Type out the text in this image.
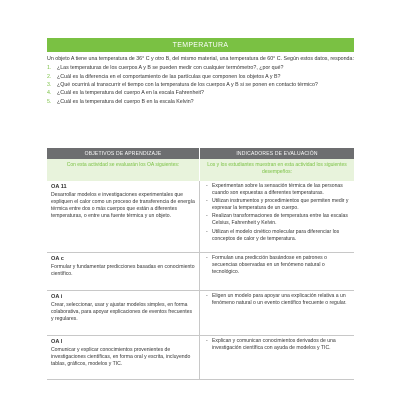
TEMPERATURA

Un objeto A tiene una temperatura de 36° C y otro B, del mismo material, una temperatura de 60° C. Según estos datos, responda:

1.	¿Las temperaturas de los cuerpos A y B se pueden medir con cualquier termómetro?, ¿por qué?
2.	¿Cuál es la diferencia en el comportamiento de las partículas que componen los objetos A y B?
3.	¿Qué ocurrirá al transcurrir el tiempo con la temperatura de los cuerpos A y B si se ponen en contacto térmico?
4.	¿Cuál es la temperatura del cuerpo A en la escala Fahrenheit?
5.	¿Cuál es la temperatura del cuerpo B en la escala Kelvin?
OBJETIVOS DE APRENDIZAJE	INDICADORES DE EVALUACIÓN
Con esta actividad se evaluarán los OA siguientes:	Los y los estudiantes muestran en esta actividad los siguientes desempeños:
OA 11
Desarrollar modelos e investigaciones experimentales que expliquen el calor como un proceso de transferencia de energía térmica entre dos o más cuerpos que están a diferentes temperaturas, o entre una fuente térmica y un objeto.
- Experimentan sobre la sensación térmica de las personas cuando son expuestas a diferentes temperaturas.
- Utilizan instrumentos y procedimientos que permiten medir y expresar la temperatura de un cuerpo.
- Realizan transformaciones de temperatura entre las escalas Celsius, Fahrenheit y Kelvin.
- Utilizan el modelo cinético molecular para diferenciar los conceptos de calor y de temperatura.
OA c
Formular y fundamentar predicciones basadas en conocimiento científico.
- Formulan una predicción basándose en patrones o secuencias observadas en un fenómeno natural o tecnológico.
OA i
Crear, seleccionar, usar y ajustar modelos simples, en forma colaborativa, para apoyar explicaciones de eventos frecuentes y regulares.
- Eligen un modelo para apoyar una explicación relativa a un fenómeno natural o un evento científico frecuente o regular.
OA l
Comunicar y explicar conocimientos provenientes de investigaciones científicas, en forma oral y escrita, incluyendo tablas, gráficos, modelos y TIC.
- Explican y comunican conocimientos derivados de una investigación científica con ayuda de modelos y TIC.
